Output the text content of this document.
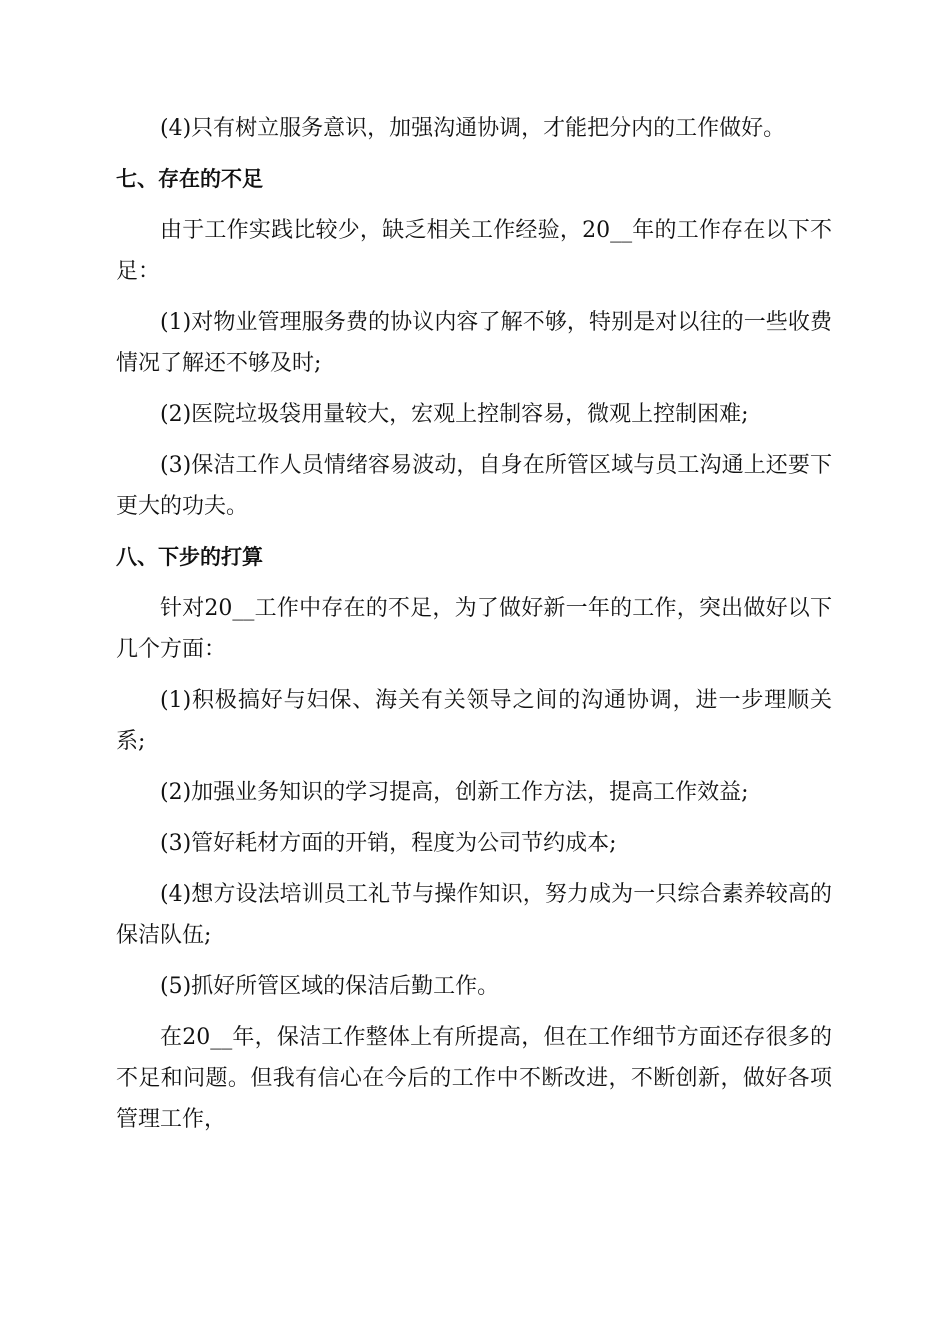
(4)只有树立服务意识，加强沟通协调，才能把分内的工作做好。

七、存在的不足

由于工作实践比较少，缺乏相关工作经验，20__年的工作存在以下不足：

(1)对物业管理服务费的协议内容了解不够，特别是对以往的一些收费情况了解还不够及时;

(2)医院垃圾袋用量较大，宏观上控制容易，微观上控制困难;

(3)保洁工作人员情绪容易波动，自身在所管区域与员工沟通上还要下更大的功夫。

八、下步的打算

针对20__工作中存在的不足，为了做好新一年的工作，突出做好以下几个方面：

(1)积极搞好与妇保、海关有关领导之间的沟通协调，进一步理顺关系;

(2)加强业务知识的学习提高，创新工作方法，提高工作效益;

(3)管好耗材方面的开销，程度为公司节约成本;

(4)想方设法培训员工礼节与操作知识，努力成为一只综合素养较高的保洁队伍;

(5)抓好所管区域的保洁后勤工作。

在20__年，保洁工作整体上有所提高，但在工作细节方面还存很多的不足和问题。但我有信心在今后的工作中不断改进，不断创新，做好各项管理工作，
